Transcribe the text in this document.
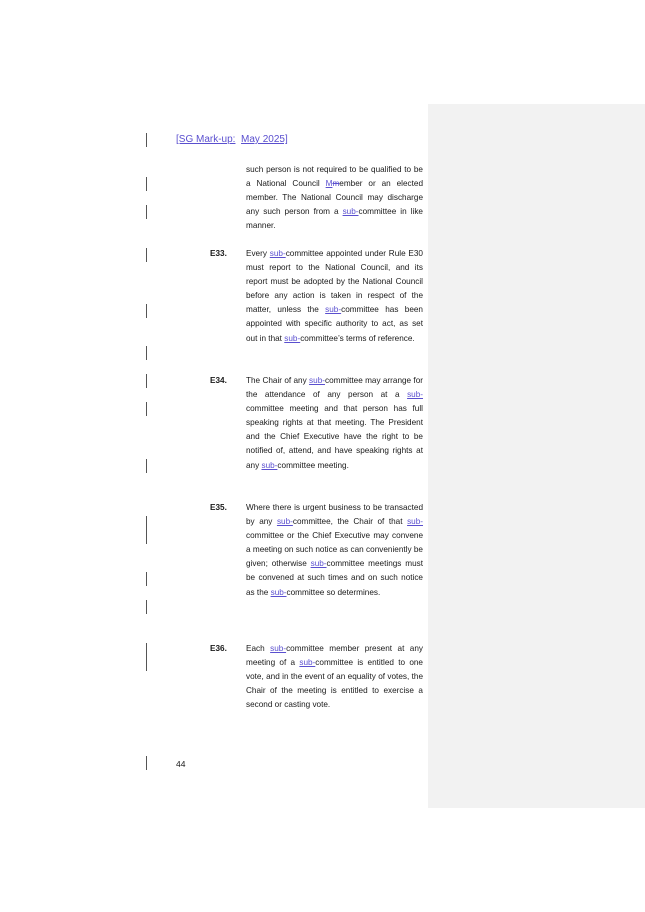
[SG Mark-up: May 2025]
such person is not required to be qualified to be a National Council Mmember or an elected member. The National Council may discharge any such person from a sub-committee in like manner.
E33. Every sub-committee appointed under Rule E30 must report to the National Council, and its report must be adopted by the National Council before any action is taken in respect of the matter, unless the sub-committee has been appointed with specific authority to act, as set out in that sub-committee’s terms of reference.
E34. The Chair of any sub-committee may arrange for the attendance of any person at a sub-committee meeting and that person has full speaking rights at that meeting. The President and the Chief Executive have the right to be notified of, attend, and have speaking rights at any sub-committee meeting.
E35. Where there is urgent business to be transacted by any sub-committee, the Chair of that sub-committee or the Chief Executive may convene a meeting on such notice as can conveniently be given; otherwise sub-committee meetings must be convened at such times and on such notice as the sub-committee so determines.
E36. Each sub-committee member present at any meeting of a sub-committee is entitled to one vote, and in the event of an equality of votes, the Chair of the meeting is entitled to exercise a second or casting vote.
44
